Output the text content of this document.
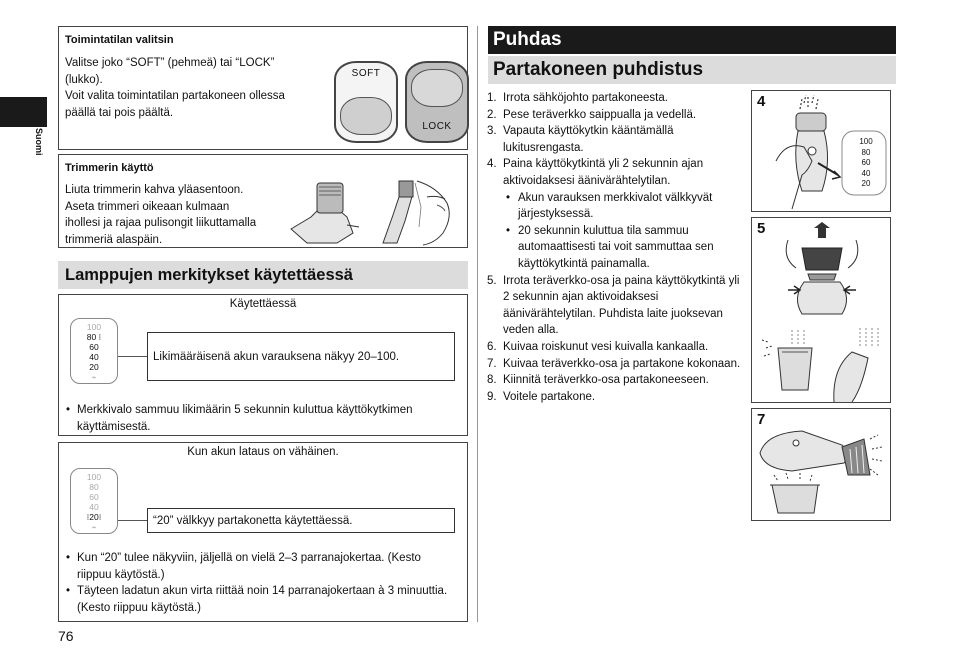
Suomi
Toimintatilan valitsin
Valitse joko “SOFT” (pehmeä) tai “LOCK”
(lukko).
Voit valita toimintatilan partakoneen ollessa
päällä tai pois päältä.
SOFT
LOCK
Trimmerin käyttö
Liuta trimmerin kahva yläasentoon.
Aseta trimmeri oikeaan kulmaan
ihollesi ja rajaa pulisongit liikuttamalla
trimmeriä alaspäin.
Lamppujen merkitykset käytettäessä
Käytettäessä
100
80 ⁝
60
40
20
⌁
Likimääräisenä akun varauksena näkyy 20–100.
• Merkkivalo sammuu likimäärin 5 sekunnin kuluttua käyttökytkimen käyttämisestä.
Kun akun lataus on vähäinen.
100
80
60
40
⁝20⁝
⌁
“20” välkkyy partakonetta käytettäessä.
• Kun “20” tulee näkyviin, jäljellä on vielä 2–3 parranajokertaa. (Kesto riippuu käytöstä.)
• Täyteen ladatun akun virta riittää noin 14 parranajokertaan à 3 minuuttia. (Kesto riippuu käytöstä.)
76
Puhdas
Partakoneen puhdistus
1. Irrota sähköjohto partakoneesta.
2. Pese teräverkko saippualla ja vedellä.
3. Vapauta käyttökytkin kääntämällä lukitusrengasta.
4. Paina käyttökytkintä yli 2 sekunnin ajan aktivoidaksesi äänivärähtelytilan.
• Akun varauksen merkkivalot välkkyvät järjestyksessä.
• 20 sekunnin kuluttua tila sammuu automaattisesti tai voit sammuttaa sen käyttökytkintä painamalla.
5. Irrota teräverkko-osa ja paina käyttökytkintä yli 2 sekunnin ajan aktivoidaksesi äänivärähtelytilan. Puhdista laite juoksevan veden alla.
6. Kuivaa roiskunut vesi kuivalla kankaalla.
7. Kuivaa teräverkko-osa ja partakone kokonaan.
8. Kiinnitä teräverkko-osa partakoneeseen.
9. Voitele partakone.
4
100
80
60
40
20
5
7
